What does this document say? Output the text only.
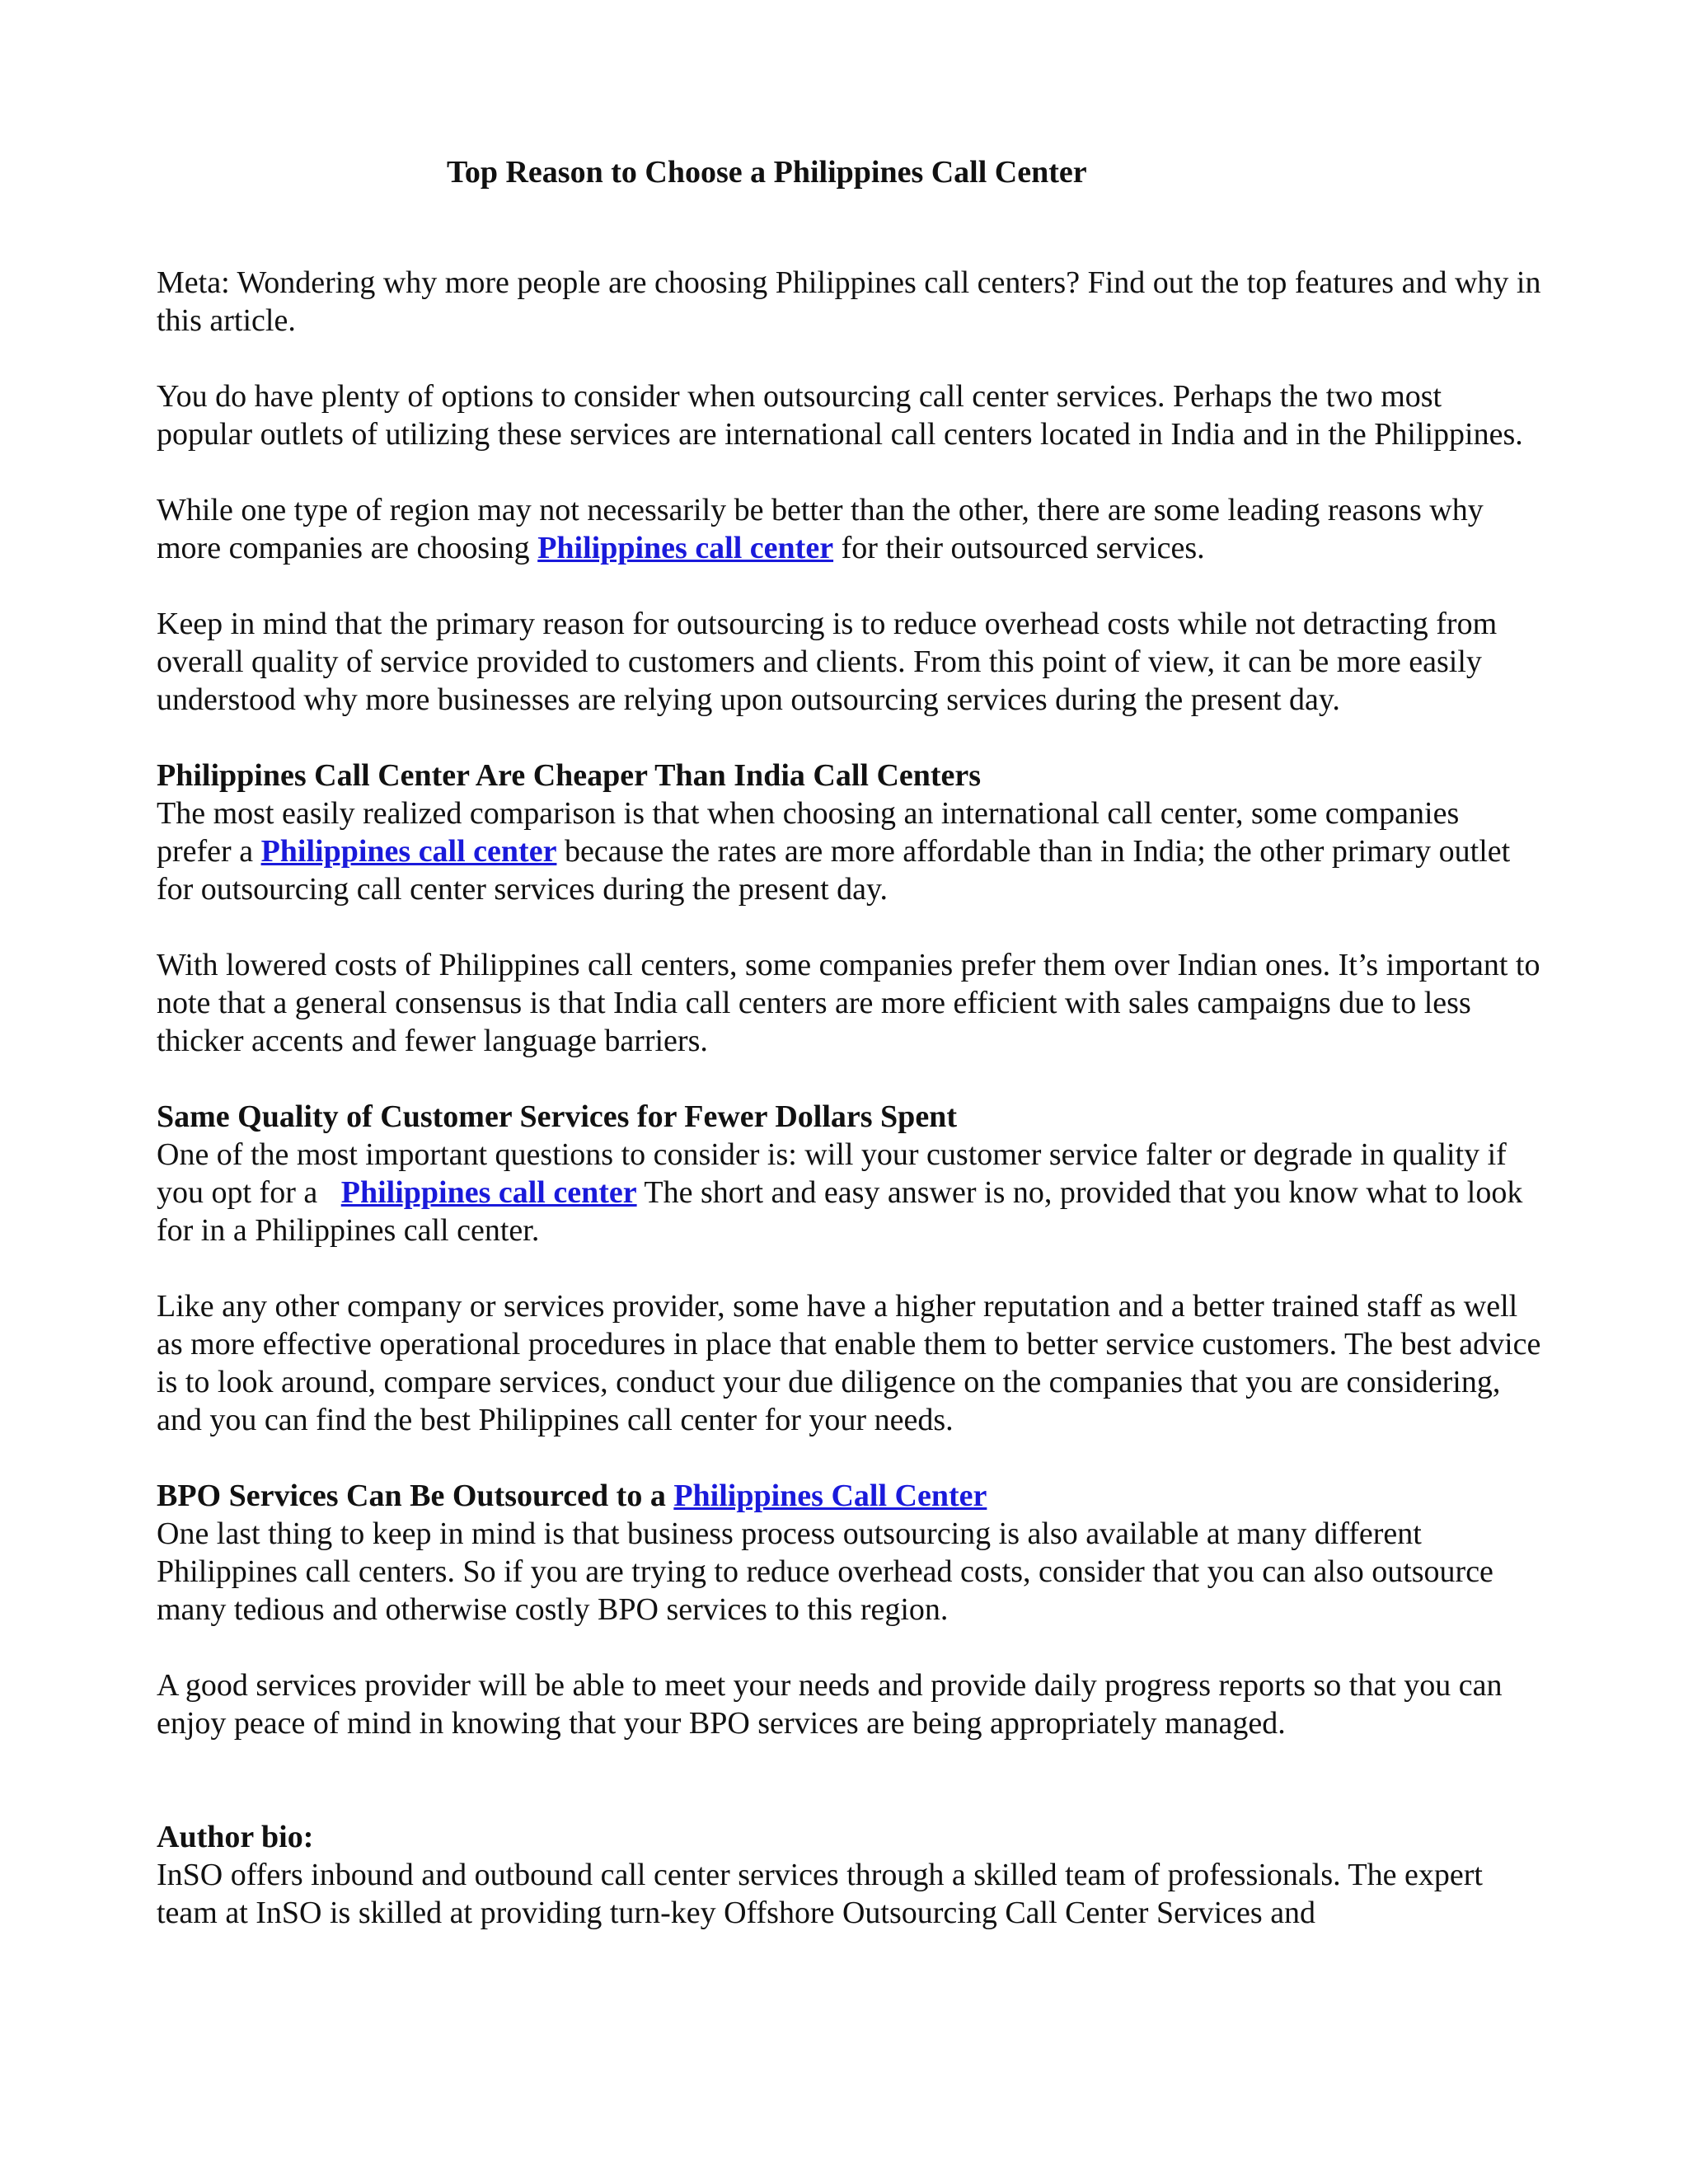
Top Reason to Choose a Philippines Call Center

Meta: Wondering why more people are choosing Philippines call centers? Find out the top features and why in this article.

You do have plenty of options to consider when outsourcing call center services. Perhaps the two most popular outlets of utilizing these services are international call centers located in India and in the Philippines.

While one type of region may not necessarily be better than the other, there are some leading reasons why more companies are choosing Philippines call center for their outsourced services.

Keep in mind that the primary reason for outsourcing is to reduce overhead costs while not detracting from overall quality of service provided to customers and clients. From this point of view, it can be more easily understood why more businesses are relying upon outsourcing services during the present day.

Philippines Call Center Are Cheaper Than India Call Centers

The most easily realized comparison is that when choosing an international call center, some companies prefer a Philippines call center because the rates are more affordable than in India; the other primary outlet for outsourcing call center services during the present day.

With lowered costs of Philippines call centers, some companies prefer them over Indian ones. It’s important to note that a general consensus is that India call centers are more efficient with sales campaigns due to less thicker accents and fewer language barriers.

Same Quality of Customer Services for Fewer Dollars Spent

One of the most important questions to consider is: will your customer service falter or degrade in quality if you opt for a   Philippines call center The short and easy answer is no, provided that you know what to look for in a Philippines call center.

Like any other company or services provider, some have a higher reputation and a better trained staff as well as more effective operational procedures in place that enable them to better service customers. The best advice is to look around, compare services, conduct your due diligence on the companies that you are considering, and you can find the best Philippines call center for your needs.

BPO Services Can Be Outsourced to a Philippines Call Center

One last thing to keep in mind is that business process outsourcing is also available at many different Philippines call centers. So if you are trying to reduce overhead costs, consider that you can also outsource many tedious and otherwise costly BPO services to this region.

A good services provider will be able to meet your needs and provide daily progress reports so that you can enjoy peace of mind in knowing that your BPO services are being appropriately managed.

Author bio:

InSO offers inbound and outbound call center services through a skilled team of professionals. The expert team at InSO is skilled at providing turn-key Offshore Outsourcing Call Center Services and
